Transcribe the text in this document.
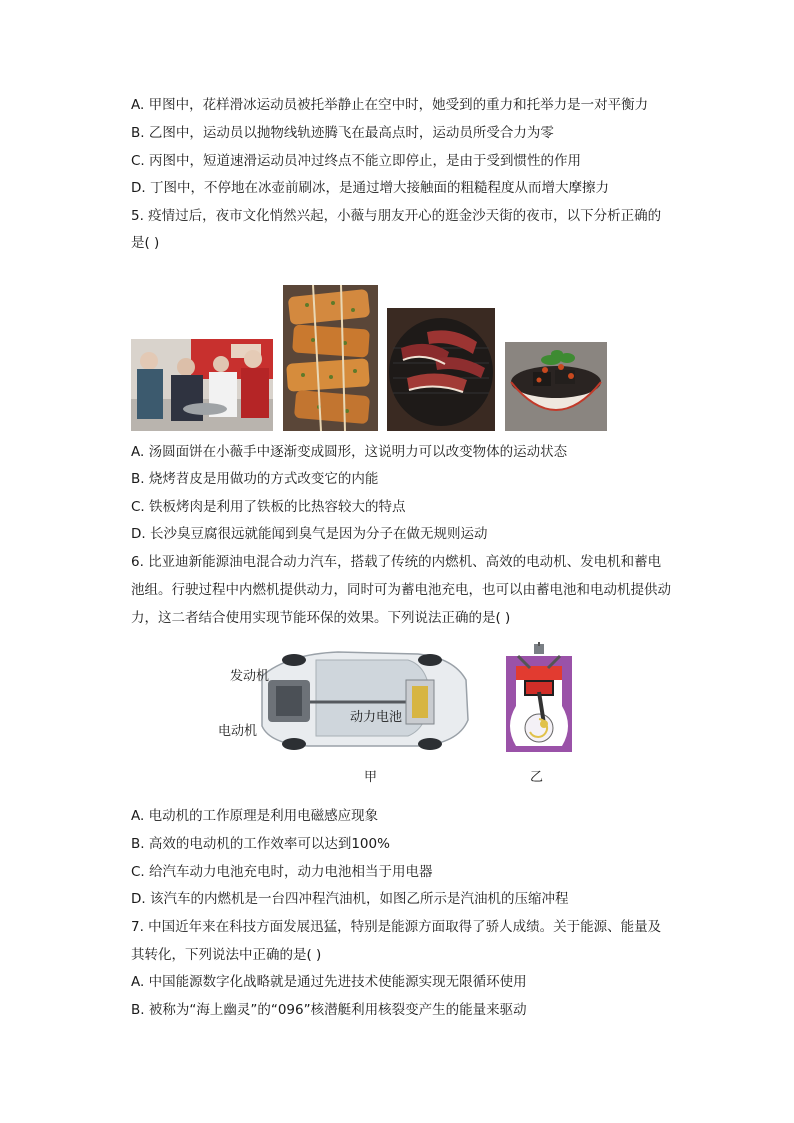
A. 甲图中，花样滑冰运动员被托举静止在空中时，她受到的重力和托举力是一对平衡力
B. 乙图中，运动员以抛物线轨迹腾飞在最高点时，运动员所受合力为零
C. 丙图中，短道速滑运动员冲过终点不能立即停止，是由于受到惯性的作用
D. 丁图中，不停地在冰壶前刷冰，是通过增大接触面的粗糙程度从而增大摩擦力
5. 疫情过后，夜市文化悄然兴起，小薇与朋友开心的逛金沙天街的夜市，以下分析正确的
是( )
A. 汤圆面饼在小薇手中逐渐变成圆形，这说明力可以改变物体的运动状态
B. 烧烤苕皮是用做功的方式改变它的内能
C. 铁板烤肉是利用了铁板的比热容较大的特点
D. 长沙臭豆腐很远就能闻到臭气是因为分子在做无规则运动
6. 比亚迪新能源油电混合动力汽车，搭载了传统的内燃机、高效的电动机、发电机和蓄电
池组。行驶过程中内燃机提供动力，同时可为蓄电池充电，也可以由蓄电池和电动机提供动
力，这二者结合使用实现节能环保的效果。下列说法正确的是( )
发动机
电动机
动力电池
甲	乙
A. 电动机的工作原理是利用电磁感应现象
B. 高效的电动机的工作效率可以达到100%
C. 给汽车动力电池充电时，动力电池相当于用电器
D. 该汽车的内燃机是一台四冲程汽油机，如图乙所示是汽油机的压缩冲程
7. 中国近年来在科技方面发展迅猛，特别是能源方面取得了骄人成绩。关于能源、能量及
其转化，下列说法中正确的是( )
A. 中国能源数字化战略就是通过先进技术使能源实现无限循环使用
B. 被称为“海上幽灵”的“096”核潜艇利用核裂变产生的能量来驱动
